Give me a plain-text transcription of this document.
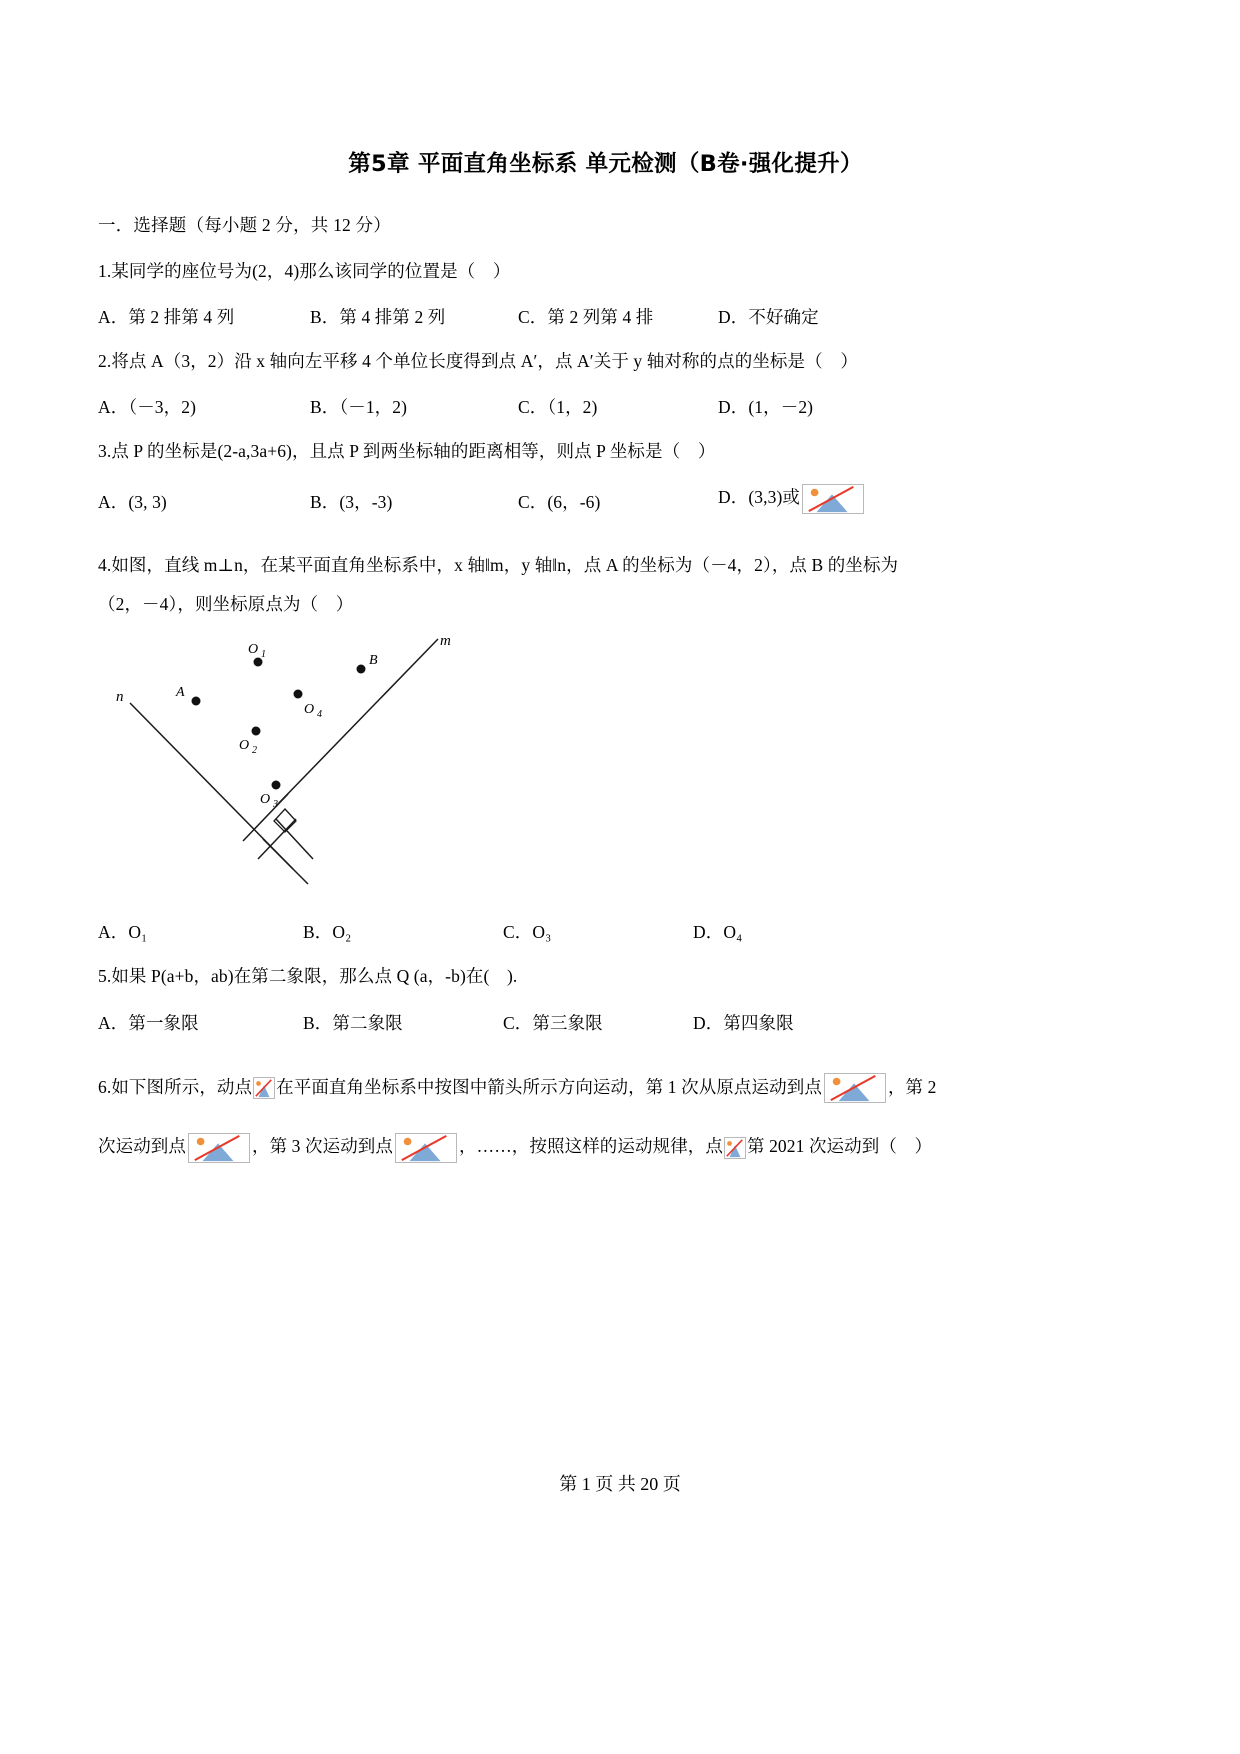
第5章 平面直角坐标系 单元检测（B卷·强化提升）
一．选择题（每小题 2 分，共 12 分）
1.某同学的座位号为(2，4)那么该同学的位置是（　）
A．第 2 排第 4 列	B．第 4 排第 2 列	C．第 2 列第 4 排	D．不好确定
2.将点 A（3，2）沿 x 轴向左平移 4 个单位长度得到点 A′，点 A′关于 y 轴对称的点的坐标是（　）
A．（－3，2)	B．（－1，2)	C．（1，2)	D．(1，－2)
3.点 P 的坐标是(2-a,3a+6)，且点 P 到两坐标轴的距离相等，则点 P 坐标是（　）
A．(3, 3)	B．(3，-3)	C．(6，-6)	D．(3,3)或
4.如图，直线 m⊥n，在某平面直角坐标系中，x 轴‖m，y 轴‖n，点 A 的坐标为（－4，2），点 B 的坐标为
（2，－4），则坐标原点为（　）
n
m
O 1	B
A
O 4
O 2
O 3
A．O₁	B．O₂	C．O₃	D．O₄
5.如果 P(a+b，ab)在第二象限，那么点 Q (a，-b)在(　).
A．第一象限	B．第二象限	C．第三象限	D．第四象限
6.如下图所示，动点 在平面直角坐标系中按图中箭头所示方向运动，第 1 次从原点运动到点	，第 2
次运动到点	，第 3 次运动到点	，……，按照这样的运动规律，点 第 2021 次运动到（　）
第 1 页 共 20 页
